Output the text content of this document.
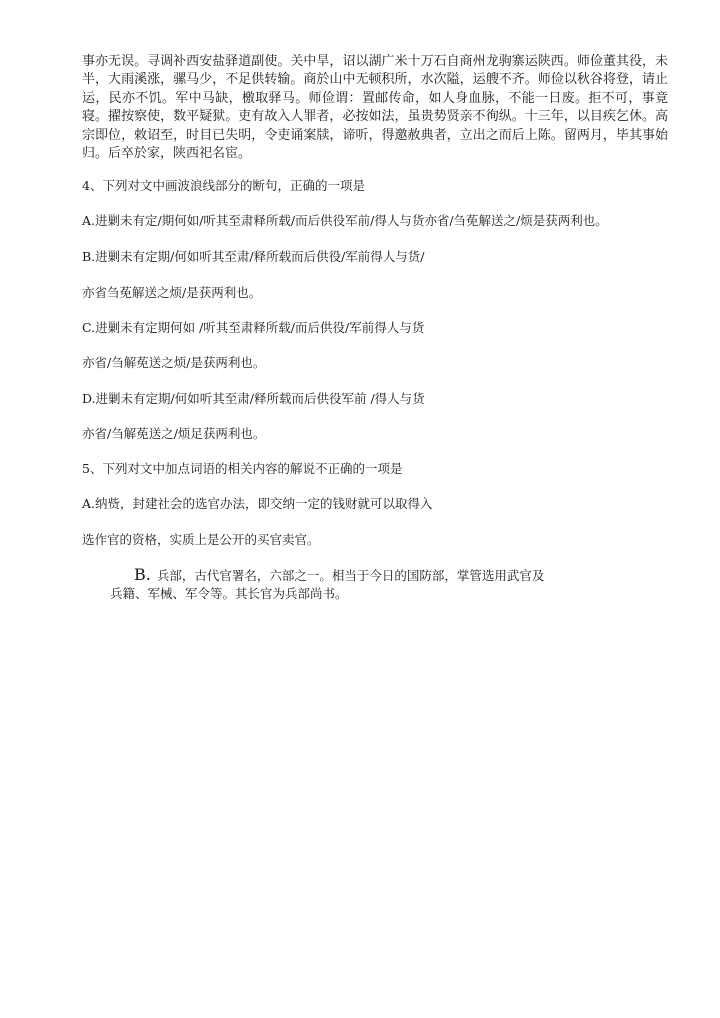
事亦无误。寻调补西安盐驿道副使。关中旱，诏以湖广米十万石自商州龙驹寨运陕西。师俭董其役，未半，大雨溪涨，骡马少，不足供转输。商於山中无顿积所，水次隘，运艘不齐。师俭以秋谷将登，请止运，民亦不饥。军中马缺，檄取驿马。师俭谓：置邮传命，如人身血脉，不能一日废。拒不可，事竟寝。擢按察使，数平疑狱。吏有故入人罪者，必按如法，虽贵势贤亲不徇纵。十三年，以目疾乞休。高宗即位，敕诏至，时目已失明，令吏诵案牍，谛听，得邀赦典者，立出之而后上陈。留两月，毕其事始归。后卒於家，陕西祀名宦。

4、下列对文中画波浪线部分的断句，正确的一项是

A.进剿未有定/期何如/听其至肃释所载/而后供役军前/得人与货亦省/刍莬解送之/烦是获两利也。

B.进剿未有定期/何如听其至肃/释所载而后供役/军前得人与货/

亦省刍莬解送之烦/是获两利也。

C.进剿未有定期何如 /听其至肃释所载/而后供役/军前得人与货

亦省/刍解莬送之烦/是获两利也。

D.进剿未有定期/何如听其至肃/释所载而后供役军前 /得人与货

亦省/刍解莬送之/烦足获两利也。

5、下列对文中加点词语的相关内容的解说不正确的一项是

A.纳赀，封建社会的选官办法，即交纳一定的钱财就可以取得入

选作官的资格，实质上是公开的买官卖官。

B. 兵部，古代官署名，六部之一。相当于今日的国防部，掌管选用武官及
兵籍、军械、军令等。其长官为兵部尚书。
